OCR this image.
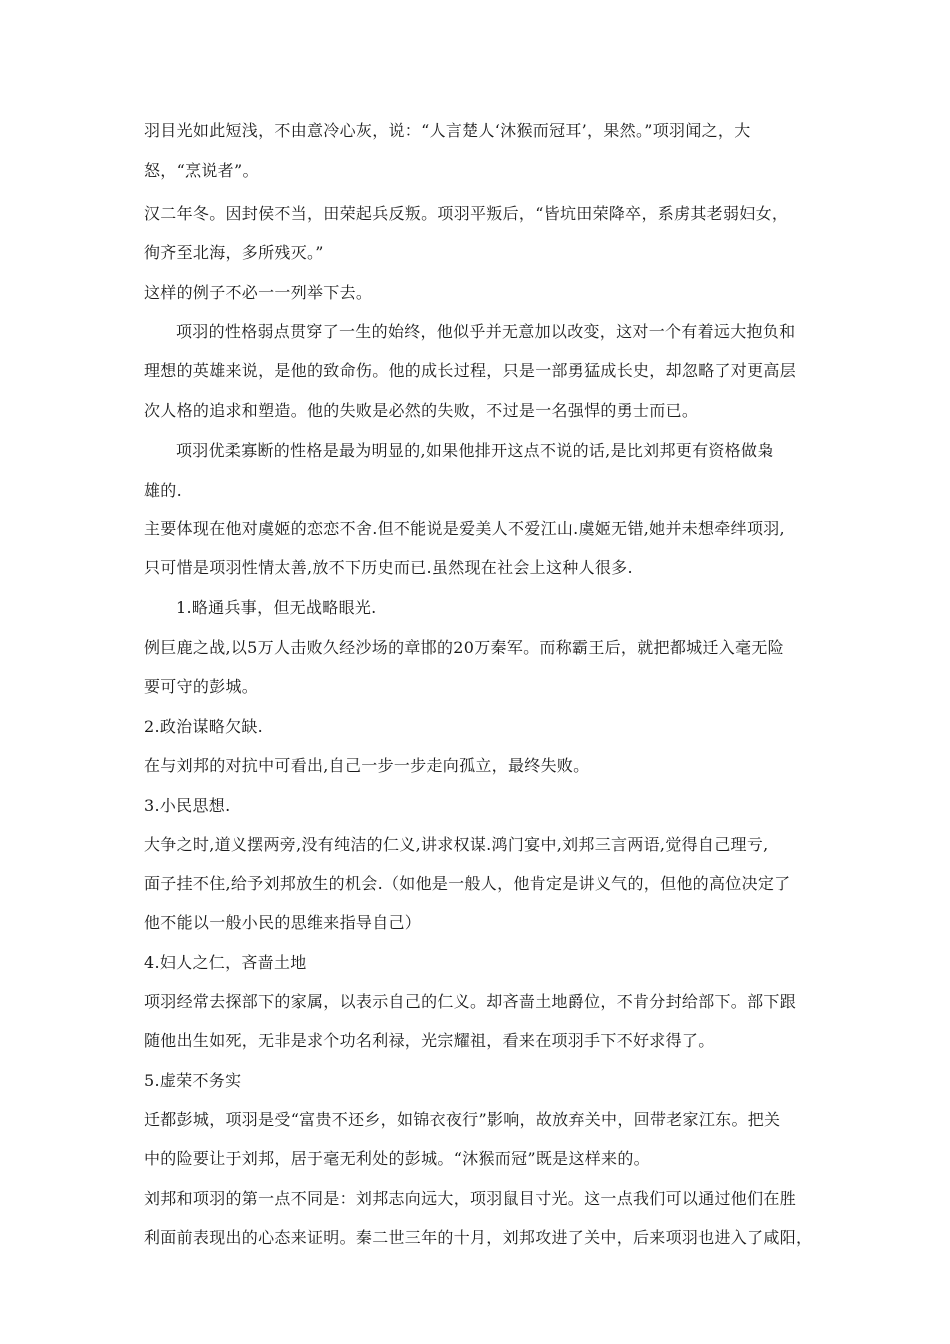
羽目光如此短浅，不由意冷心灰，说：“人言楚人‘沐猴而冠耳’，果然。”项羽闻之，大
怒，“烹说者”。
汉二年冬。因封侯不当，田荣起兵反叛。项羽平叛后，“皆坑田荣降卒，系虏其老弱妇女，
徇齐至北海，多所残灭。”
这样的例子不必一一列举下去。
项羽的性格弱点贯穿了一生的始终，他似乎并无意加以改变，这对一个有着远大抱负和
理想的英雄来说，是他的致命伤。他的成长过程，只是一部勇猛成长史，却忽略了对更高层
次人格的追求和塑造。他的失败是必然的失败，不过是一名强悍的勇士而已。
项羽优柔寡断的性格是最为明显的,如果他排开这点不说的话,是比刘邦更有资格做枭
雄的.
主要体现在他对虞姬的恋恋不舍.但不能说是爱美人不爱江山.虞姬无错,她并未想牵绊项羽,
只可惜是项羽性情太善,放不下历史而已.虽然现在社会上这种人很多.
1.略通兵事，但无战略眼光.
例巨鹿之战,以5万人击败久经沙场的章邯的20万秦军。而称霸王后，就把都城迁入毫无险
要可守的彭城。
2.政治谋略欠缺.
在与刘邦的对抗中可看出,自己一步一步走向孤立，最终失败。
3.小民思想.
大争之时,道义摆两旁,没有纯洁的仁义,讲求权谋.鸿门宴中,刘邦三言两语,觉得自己理亏,
面子挂不住,给予刘邦放生的机会.（如他是一般人，他肯定是讲义气的，但他的高位决定了
他不能以一般小民的思维来指导自己）
4.妇人之仁，吝啬土地
项羽经常去探部下的家属，以表示自己的仁义。却吝啬土地爵位，不肯分封给部下。部下跟
随他出生如死，无非是求个功名利禄，光宗耀祖，看来在项羽手下不好求得了。
5.虚荣不务实
迁都彭城，项羽是受“富贵不还乡，如锦衣夜行”影响，故放弃关中，回带老家江东。把关
中的险要让于刘邦，居于毫无利处的彭城。“沐猴而冠”既是这样来的。
刘邦和项羽的第一点不同是：刘邦志向远大，项羽鼠目寸光。这一点我们可以通过他们在胜
利面前表现出的心态来证明。秦二世三年的十月，刘邦攻进了关中，后来项羽也进入了咸阳，
